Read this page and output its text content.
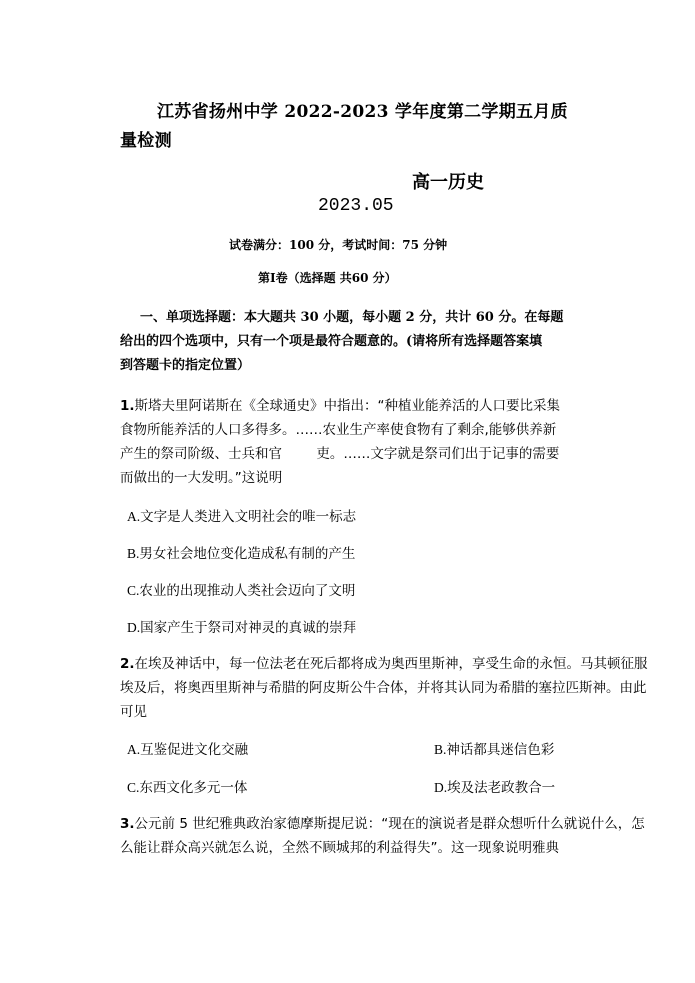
江苏省扬州中学 2022-2023 学年度第二学期五月质
量检测
高一历史
2023.05
试卷满分：100 分，考试时间：75 分钟
第Ⅰ卷（选择题 共60 分）
一、单项选择题：本大题共 30 小题，每小题 2 分，共计 60 分。在每题
给出的四个选项中，只有一个项是最符合题意的。(请将所有选择题答案填
到答题卡的指定位置）
1.斯塔夫里阿诺斯在《全球通史》中指出：“种植业能养活的人口要比采集
食物所能养活的人口多得多。……农业生产率使食物有了剩余,能够供养新
产生的祭司阶级、士兵和官        吏。……文字就是祭司们出于记事的需要
而做出的一大发明。”这说明
A.文字是人类进入文明社会的唯一标志
B.男女社会地位变化造成私有制的产生
C.农业的出现推动人类社会迈向了文明
D.国家产生于祭司对神灵的真诚的崇拜
2.在埃及神话中，每一位法老在死后都将成为奥西里斯神，享受生命的永恒。马其顿征服
埃及后，将奥西里斯神与希腊的阿皮斯公牛合体，并将其认同为希腊的塞拉匹斯神。由此
可见
A.互鉴促进文化交融	B.神话都具迷信色彩
C.东西文化多元一体	D.埃及法老政教合一
3.公元前 5 世纪雅典政治家德摩斯提尼说：“现在的演说者是群众想听什么就说什么，怎
么能让群众高兴就怎么说，全然不顾城邦的利益得失”。这一现象说明雅典
